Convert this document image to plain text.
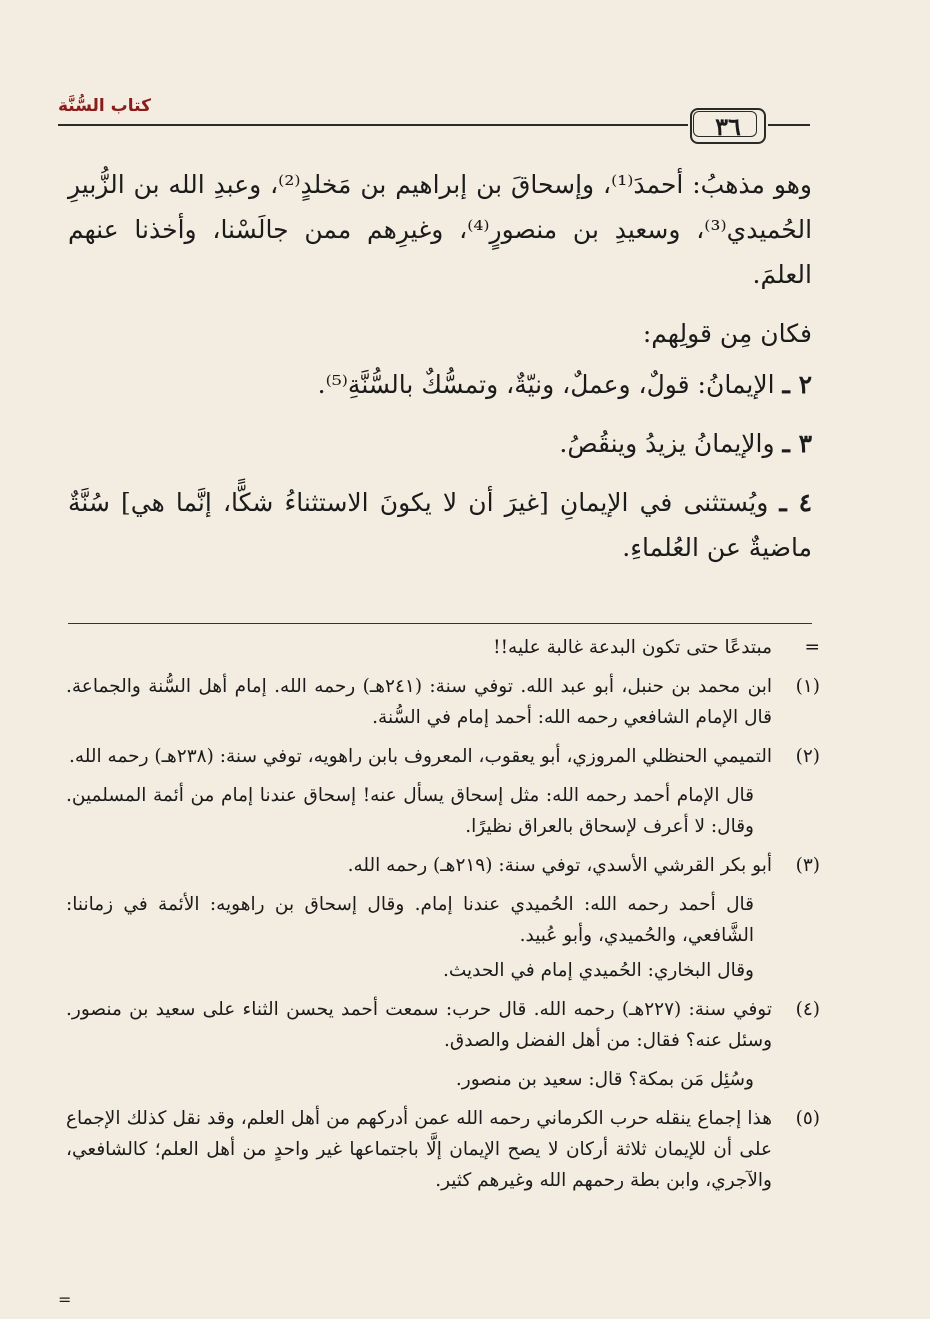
كتاب السُّنَّة
٣٦

وهو مذهبُ: أحمدَ⁽¹⁾، وإسحاقَ بن إبراهيم بن مَخلدٍ⁽²⁾، وعبدِ الله بن الزُّبيرِ الحُميدي⁽³⁾، وسعيدِ بن منصورٍ⁽⁴⁾، وغيرِهم ممن جالَسْنا، وأخذنا عنهم العلمَ.

فكان مِن قولِهم:

٢ ـ الإيمانُ: قولٌ، وعملٌ، ونيّةٌ، وتمسُّكٌ بالسُّنَّةِ⁽⁵⁾.

٣ ـ والإيمانُ يزيدُ وينقُصُ.

٤ ـ ويُستثنى في الإيمانِ [غيرَ أن لا يكونَ الاستثناءُ شكًّا، إنَّما هي] سُنَّةٌ ماضيةٌ عن العُلماءِ.

=

مبتدعًا حتى تكون البدعة غالبة عليه!!

(١)

ابن محمد بن حنبل، أبو عبد الله. توفي سنة: (٢٤١هـ) رحمه الله. إمام أهل السُّنة والجماعة. قال الإمام الشافعي رحمه الله: أحمد إمام في السُّنة.

(٢)

التميمي الحنظلي المروزي، أبو يعقوب، المعروف بابن راهويه، توفي سنة: (٢٣٨هـ) رحمه الله.

قال الإمام أحمد رحمه الله: مثل إسحاق يسأل عنه! إسحاق عندنا إمام من أئمة المسلمين. وقال: لا أعرف لإسحاق بالعراق نظيرًا.

(٣)

أبو بكر القرشي الأسدي، توفي سنة: (٢١٩هـ) رحمه الله.

قال أحمد رحمه الله: الحُميدي عندنا إمام. وقال إسحاق بن راهويه: الأئمة في زماننا: الشَّافعي، والحُميدي، وأبو عُبيد.

وقال البخاري: الحُميدي إمام في الحديث.

(٤)

توفي سنة: (٢٢٧هـ) رحمه الله. قال حرب: سمعت أحمد يحسن الثناء على سعيد بن منصور. وسئل عنه؟ فقال: من أهل الفضل والصدق.

وسُئِل مَن بمكة؟ قال: سعيد بن منصور.

(٥)

هذا إجماع ينقله حرب الكرماني رحمه الله عمن أدركهم من أهل العلم، وقد نقل كذلك الإجماع على أن للإيمان ثلاثة أركان لا يصح الإيمان إلَّا باجتماعها غير واحدٍ من أهل العلم؛ كالشافعي، والآجري، وابن بطة رحمهم الله وغيرهم كثير.

=
